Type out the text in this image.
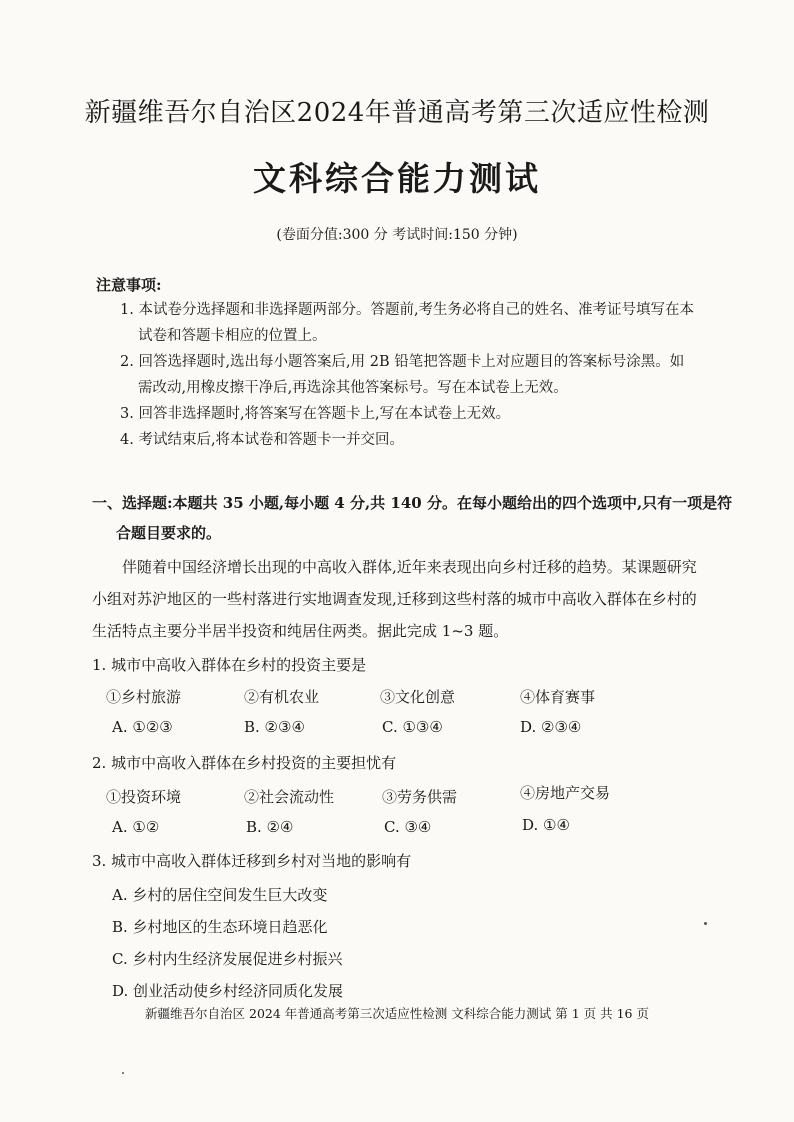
新疆维吾尔自治区2024年普通高考第三次适应性检测
文科综合能力测试
(卷面分值:300 分 考试时间:150 分钟)
注意事项:
1. 本试卷分选择题和非选择题两部分。答题前,考生务必将自己的姓名、准考证号填写在本
试卷和答题卡相应的位置上。
2. 回答选择题时,选出每小题答案后,用 2B 铅笔把答题卡上对应题目的答案标号涂黑。如
需改动,用橡皮擦干净后,再选涂其他答案标号。写在本试卷上无效。
3. 回答非选择题时,将答案写在答题卡上,写在本试卷上无效。
4. 考试结束后,将本试卷和答题卡一并交回。
一、选择题:本题共 35 小题,每小题 4 分,共 140 分。在每小题给出的四个选项中,只有一项是符
合题目要求的。
伴随着中国经济增长出现的中高收入群体,近年来表现出向乡村迁移的趋势。某课题研究
小组对苏沪地区的一些村落进行实地调查发现,迁移到这些村落的城市中高收入群体在乡村的
生活特点主要分半居半投资和纯居住两类。据此完成 1~3 题。
1. 城市中高收入群体在乡村的投资主要是
①乡村旅游	②有机农业	③文化创意	④体育赛事
A. ①②③	B. ②③④	C. ①③④	D. ②③④
2. 城市中高收入群体在乡村投资的主要担忧有
①投资环境	②社会流动性	③劳务供需	④房地产交易
A. ①②	B. ②④	C. ③④	D. ①④
3. 城市中高收入群体迁移到乡村对当地的影响有
A. 乡村的居住空间发生巨大改变
B. 乡村地区的生态环境日趋恶化
C. 乡村内生经济发展促进乡村振兴
D. 创业活动使乡村经济同质化发展
新疆维吾尔自治区 2024 年普通高考第三次适应性检测 文科综合能力测试 第 1 页 共 16 页
